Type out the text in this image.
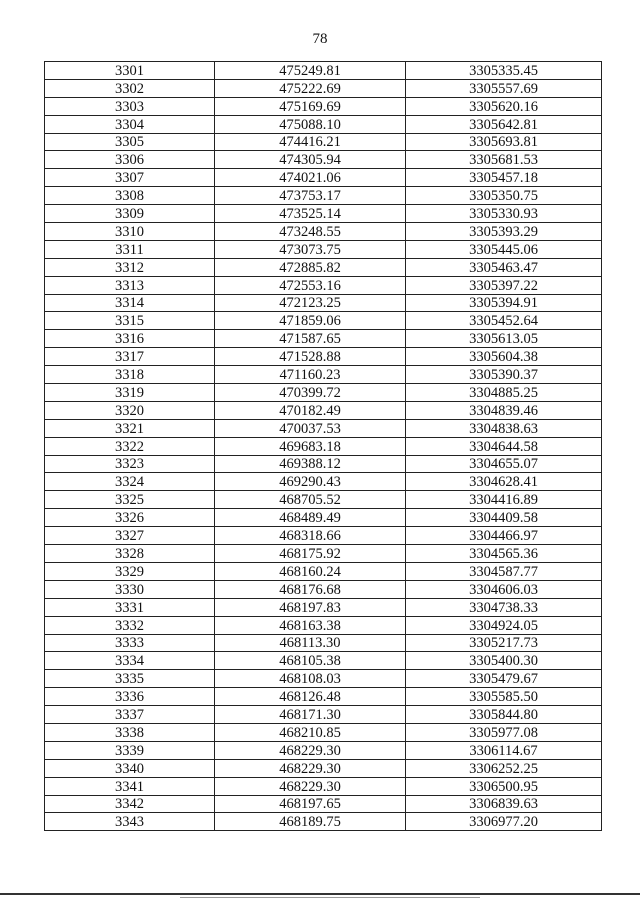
78
3301	475249.81	3305335.45
3302	475222.69	3305557.69
3303	475169.69	3305620.16
3304	475088.10	3305642.81
3305	474416.21	3305693.81
3306	474305.94	3305681.53
3307	474021.06	3305457.18
3308	473753.17	3305350.75
3309	473525.14	3305330.93
3310	473248.55	3305393.29
3311	473073.75	3305445.06
3312	472885.82	3305463.47
3313	472553.16	3305397.22
3314	472123.25	3305394.91
3315	471859.06	3305452.64
3316	471587.65	3305613.05
3317	471528.88	3305604.38
3318	471160.23	3305390.37
3319	470399.72	3304885.25
3320	470182.49	3304839.46
3321	470037.53	3304838.63
3322	469683.18	3304644.58
3323	469388.12	3304655.07
3324	469290.43	3304628.41
3325	468705.52	3304416.89
3326	468489.49	3304409.58
3327	468318.66	3304466.97
3328	468175.92	3304565.36
3329	468160.24	3304587.77
3330	468176.68	3304606.03
3331	468197.83	3304738.33
3332	468163.38	3304924.05
3333	468113.30	3305217.73
3334	468105.38	3305400.30
3335	468108.03	3305479.67
3336	468126.48	3305585.50
3337	468171.30	3305844.80
3338	468210.85	3305977.08
3339	468229.30	3306114.67
3340	468229.30	3306252.25
3341	468229.30	3306500.95
3342	468197.65	3306839.63
3343	468189.75	3306977.20
